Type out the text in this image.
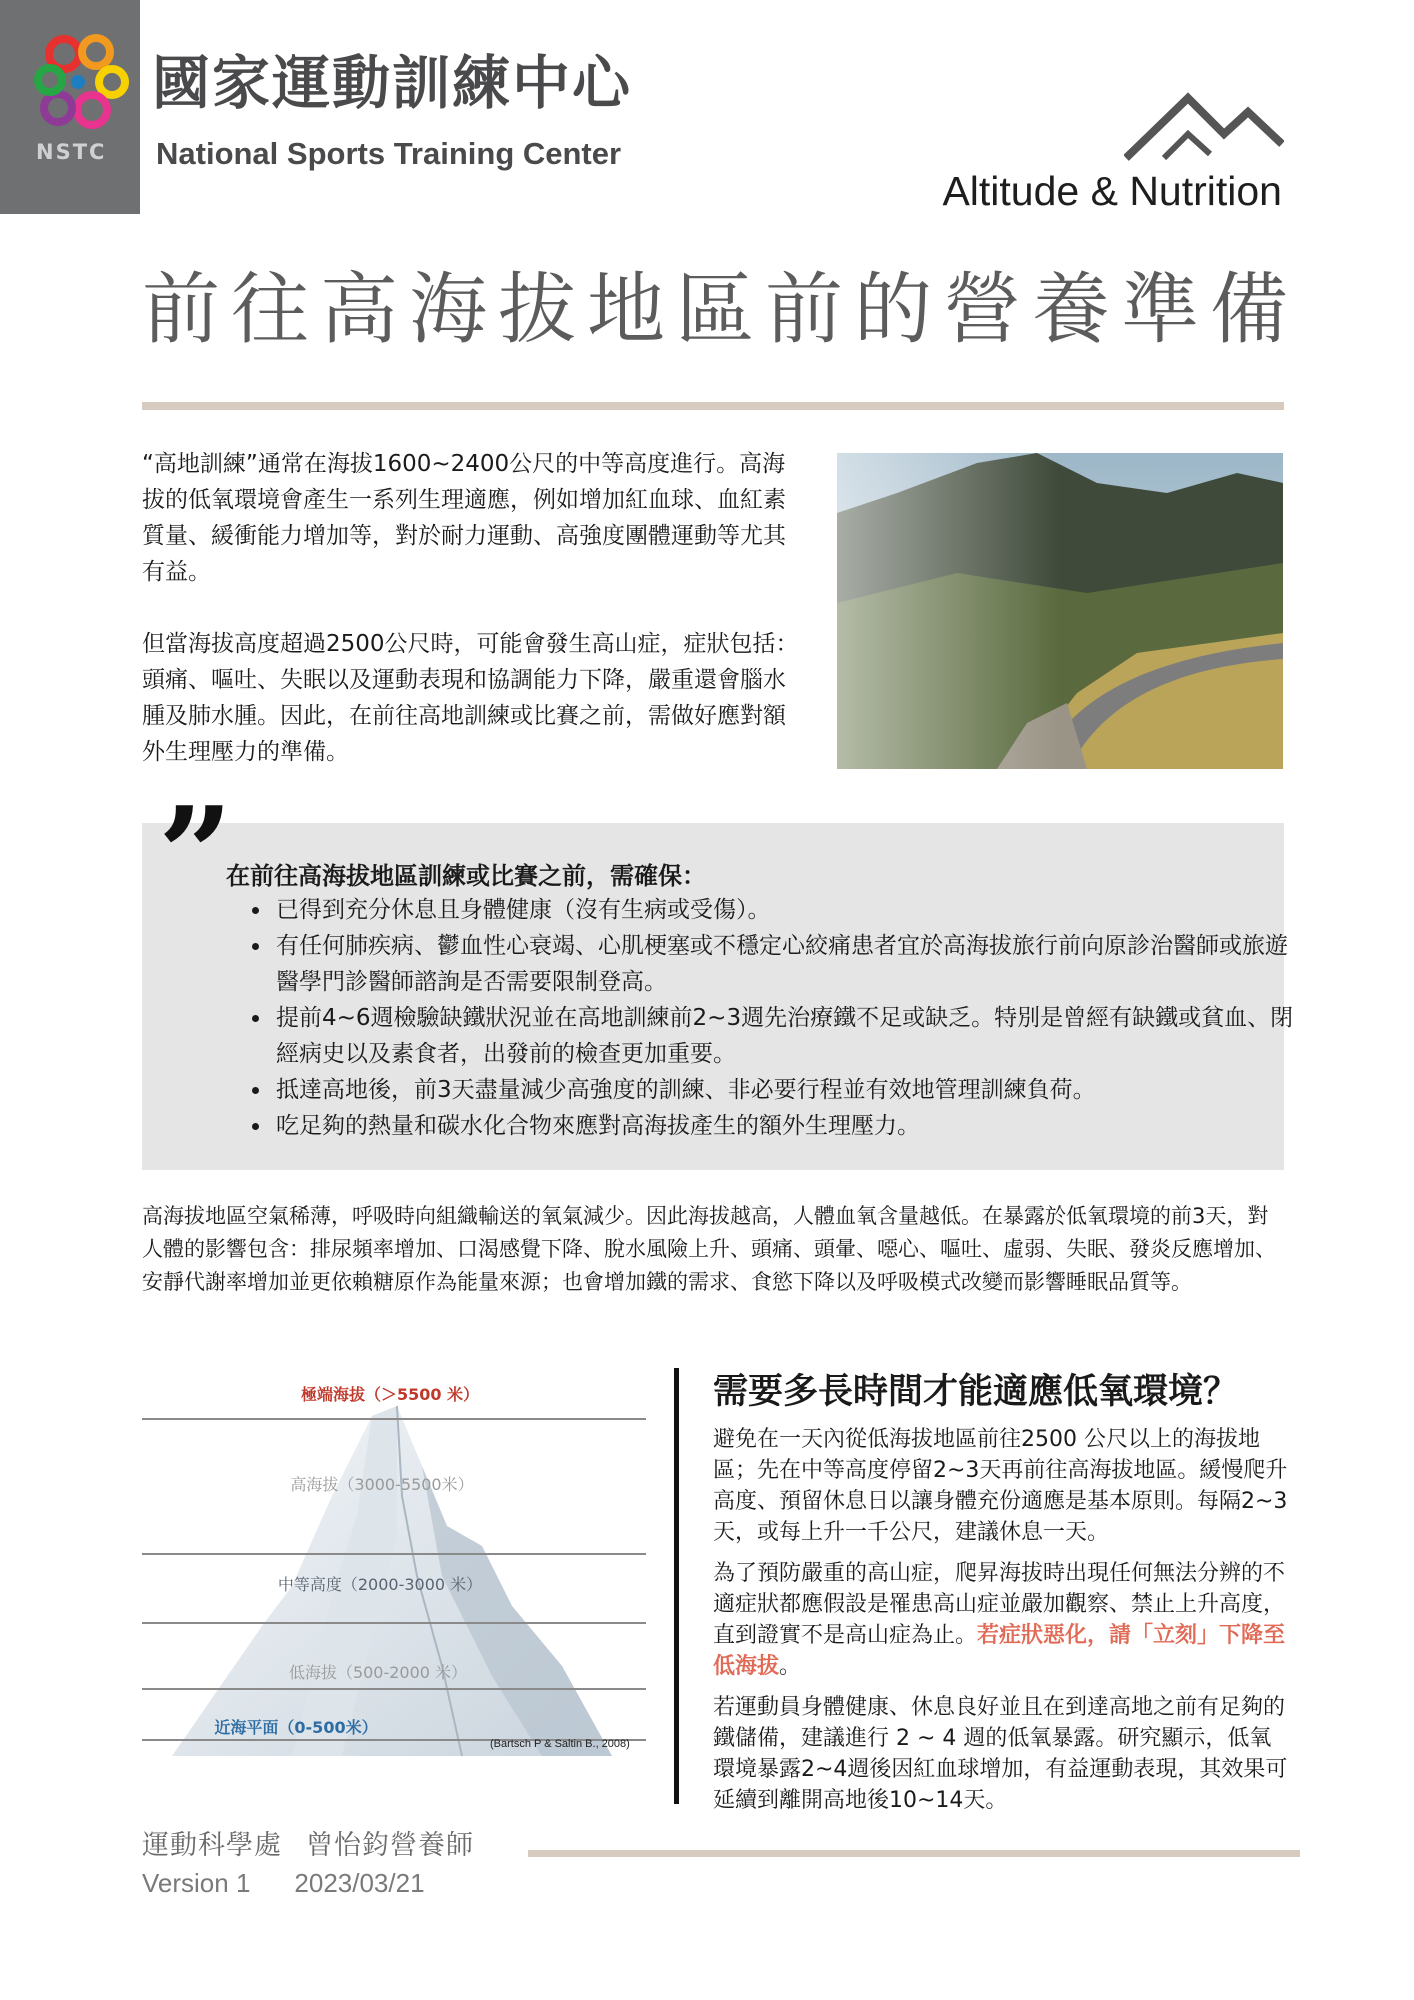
NSTC
國家運動訓練中心
National Sports Training Center
Altitude & Nutrition
前往高海拔地區前的營養準備

“高地訓練”通常在海拔1600~2400公尺的中等高度進行。高海拔的低氧環境會產生一系列生理適應，例如增加紅血球、血紅素質量、緩衝能力增加等，對於耐力運動、高強度團體運動等尤其有益。

但當海拔高度超過2500公尺時，可能會發生高山症，症狀包括：頭痛、嘔吐、失眠以及運動表現和協調能力下降，嚴重還會腦水腫及肺水腫。因此，在前往高地訓練或比賽之前，需做好應對額外生理壓力的準備。

”
在前往高海拔地區訓練或比賽之前，需確保：
• 已得到充分休息且身體健康（沒有生病或受傷）。
• 有任何肺疾病、鬱血性心衰竭、心肌梗塞或不穩定心絞痛患者宜於高海拔旅行前向原診治醫師或旅遊醫學門診醫師諮詢是否需要限制登高。
• 提前4~6週檢驗缺鐵狀況並在高地訓練前2~3週先治療鐵不足或缺乏。特別是曾經有缺鐵或貧血、閉經病史以及素食者，出發前的檢查更加重要。
• 抵達高地後，前3天盡量減少高強度的訓練、非必要行程並有效地管理訓練負荷。
• 吃足夠的熱量和碳水化合物來應對高海拔產生的額外生理壓力。

高海拔地區空氣稀薄，呼吸時向組織輸送的氧氣減少。因此海拔越高，人體血氧含量越低。在暴露於低氧環境的前3天，對人體的影響包含：排尿頻率增加、口渴感覺下降、脫水風險上升、頭痛、頭暈、噁心、嘔吐、虛弱、失眠、發炎反應增加、安靜代謝率增加並更依賴糖原作為能量來源；也會增加鐵的需求、食慾下降以及呼吸模式改變而影響睡眠品質等。

極端海拔（＞5500 米）
高海拔（3000-5500米）
中等高度（2000-3000 米）
低海拔（500-2000 米）
近海平面（0-500米）
(Bartsch P & Saltin B., 2008)
需要多長時間才能適應低氧環境？

避免在一天內從低海拔地區前往2500 公尺以上的海拔地區；先在中等高度停留2~3天再前往高海拔地區。緩慢爬升高度、預留休息日以讓身體充份適應是基本原則。每隔2~3天，或每上升一千公尺，建議休息一天。

為了預防嚴重的高山症，爬昇海拔時出現任何無法分辨的不適症狀都應假設是罹患高山症並嚴加觀察、禁止上升高度，直到證實不是高山症為止。若症狀惡化，請「立刻」下降至低海拔。

若運動員身體健康、休息良好並且在到達高地之前有足夠的鐵儲備，建議進行 2 ~ 4 週的低氧暴露。研究顯示，低氧環境暴露2~4週後因紅血球增加，有益運動表現，其效果可延續到離開高地後10~14天。

運動科學處 曾怡鈞營養師
Version 1 2023/03/21
